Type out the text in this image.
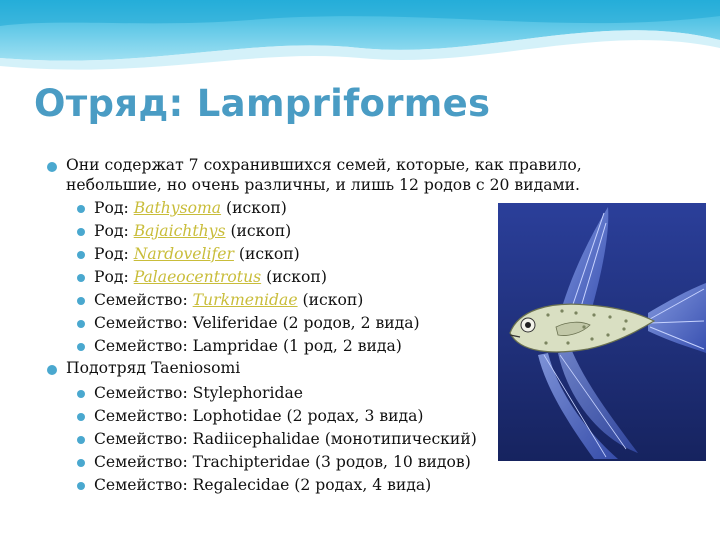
Отряд: Lampriformes
Они содержат 7 сохранившихся семей, которые, как правило,
небольшие, но очень различны, и лишь 12 родов с 20 видами.
Род: Bathysoma (ископ)
Род: Bajaichthys (ископ)
Род: Nardovelifer (ископ)
Род: Palaeocentrotus (ископ)
Семейство: Turkmenidae (ископ)
Семейство: Veliferidae (2 родов, 2 вида)
Семейство: Lampridae (1 род, 2 вида)
Подотряд Taeniosomi
Семейство: Stylephoridae
Семейство: Lophotidae (2 родах, 3 вида)
Семейство: Radiicephalidae (монотипический)
Семейство: Trachipteridae (3 родов, 10 видов)
Семейство: Regalecidae (2 родах, 4 вида)
